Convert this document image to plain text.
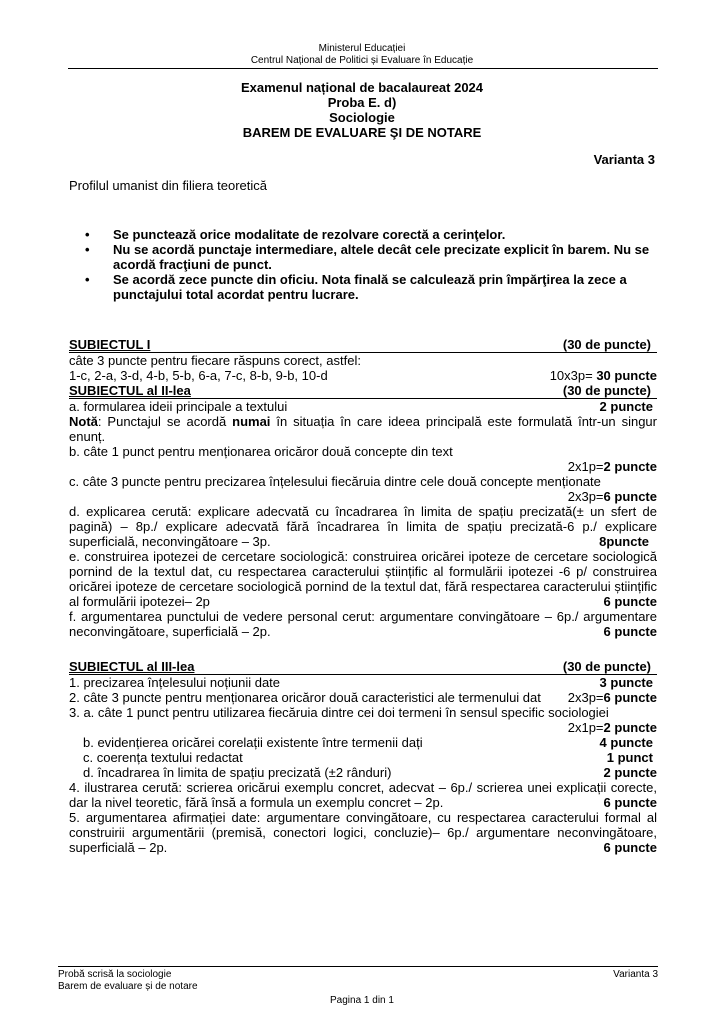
Ministerul Educației
Centrul Național de Politici și Evaluare în Educație
Examenul național de bacalaureat 2024
Proba E. d)
Sociologie
BAREM DE EVALUARE ŞI DE NOTARE
Varianta 3
Profilul umanist din filiera teoretică
• Se punctează orice modalitate de rezolvare corectă a cerinţelor.
• Nu se acordă punctaje intermediare, altele decât cele precizate explicit în barem. Nu se acordă fracţiuni de punct.
• Se acordă zece puncte din oficiu. Nota finală se calculează prin împărţirea la zece a punctajului total acordat pentru lucrare.
SUBIECTUL I	(30 de puncte)
câte 3 puncte pentru fiecare răspuns corect, astfel:
1-c, 2-a, 3-d, 4-b, 5-b, 6-a, 7-c, 8-b, 9-b, 10-d	10x3p= 30 puncte
SUBIECTUL al II-lea	(30 de puncte)
a. formularea ideii principale a textului	2 puncte
Notă: Punctajul se acordă numai în situația în care ideea principală este formulată într-un singur enunț.
b. câte 1 punct pentru menționarea oricăror două concepte din text
2x1p=2 puncte
c. câte 3 puncte pentru precizarea înțelesului fiecăruia dintre cele două concepte menționate
2x3p=6 puncte
d. explicarea cerută: explicare adecvată cu încadrarea în limita de spațiu precizată(± un sfert de pagină) – 8p./ explicare adecvată fără încadrarea în limita de spațiu precizată-6 p./ explicare superficială, neconvingătoare – 3p.	8puncte
e. construirea ipotezei de cercetare sociologică: construirea oricărei ipoteze de cercetare sociologică pornind de la textul dat, cu respectarea caracterului științific al formulării ipotezei -6 p/ construirea oricărei ipoteze de cercetare sociologică pornind de la textul dat, fără respectarea caracterului științific al formulării ipotezei– 2p	6 puncte
f. argumentarea punctului de vedere personal cerut: argumentare convingătoare – 6p./ argumentare neconvingătoare, superficială – 2p.	6 puncte
SUBIECTUL al III-lea	(30 de puncte)
1. precizarea înțelesului noțiunii date	3 puncte
2. câte 3 puncte pentru menționarea oricăror două caracteristici ale termenului dat 2x3p=6 puncte
3. a. câte 1 punct pentru utilizarea fiecăruia dintre cei doi termeni în sensul specific sociologiei
2x1p=2 puncte
b. evidențierea oricărei corelații existente între termenii dați	4 puncte
c. coerența textului redactat	1 punct
d. încadrarea în limita de spațiu precizată (±2 rânduri)	2 puncte
4. ilustrarea cerută: scrierea oricărui exemplu concret, adecvat – 6p./ scrierea unei explicații corecte, dar la nivel teoretic, fără însă a formula un exemplu concret – 2p.	6 puncte
5. argumentarea afirmației date: argumentare convingătoare, cu respectarea caracterului formal al construirii argumentării (premisă, conectori logici, concluzie)– 6p./ argumentare neconvingătoare, superficială – 2p.	6 puncte
Probă scrisă la sociologie	Varianta 3
Barem de evaluare și de notare
Pagina 1 din 1
